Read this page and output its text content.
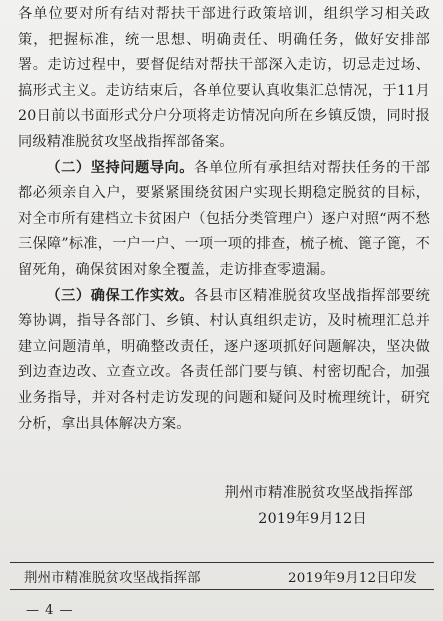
各单位要对所有结对帮扶干部进行政策培训，组织学习相关政策，把握标准，统一思想、明确责任、明确任务，做好安排部署。走访过程中，要督促结对帮扶干部深入走访，切忌走过场、搞形式主义。走访结束后，各单位要认真收集汇总情况，于11月20日前以书面形式分户分项将走访情况向所在乡镇反馈，同时报同级精准脱贫攻坚战指挥部备案。

（二）坚持问题导向。各单位所有承担结对帮扶任务的干部都必须亲自入户，要紧紧围绕贫困户实现长期稳定脱贫的目标，对全市所有建档立卡贫困户（包括分类管理户）逐户对照“两不愁三保障”标准，一户一户、一项一项的排查，梳子梳、篦子篦，不留死角，确保贫困对象全覆盖，走访排查零遗漏。

（三）确保工作实效。各县市区精准脱贫攻坚战指挥部要统筹协调，指导各部门、乡镇、村认真组织走访，及时梳理汇总并建立问题清单，明确整改责任，逐户逐项抓好问题解决，坚决做到边查边改、立查立改。各责任部门要与镇、村密切配合，加强业务指导，并对各村走访发现的问题和疑问及时梳理统计，研究分析，拿出具体解决方案。

荆州市精准脱贫攻坚战指挥部
2019年9月12日
荆州市精准脱贫攻坚战指挥部	2019年9月12日印发
— 4 —
